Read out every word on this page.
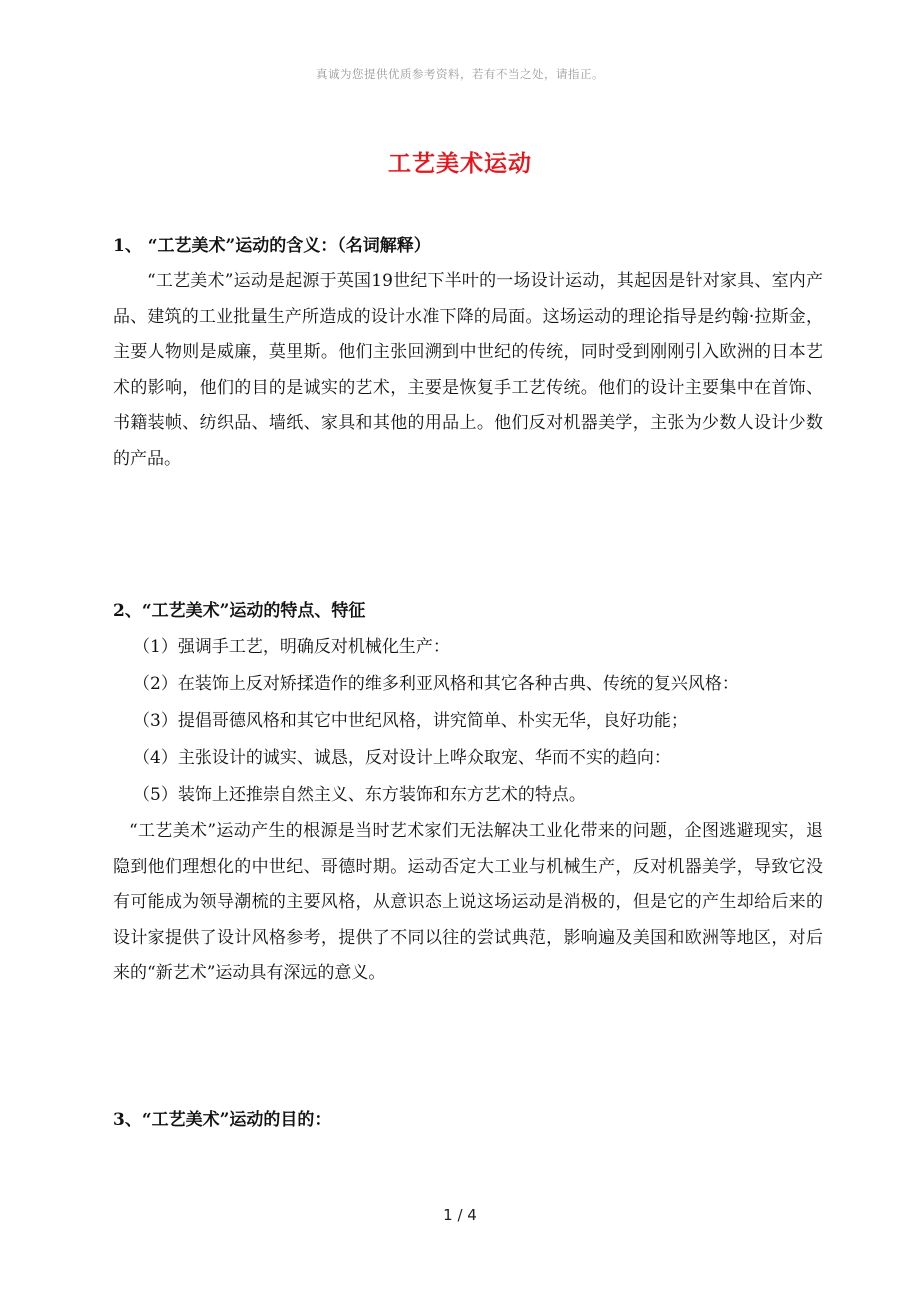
真诚为您提供优质参考资料，若有不当之处，请指正。
工艺美术运动
1、 “工艺美术”运动的含义：（名词解释）

“工艺美术”运动是起源于英国19世纪下半叶的一场设计运动，其起因是针对家具、室内产品、建筑的工业批量生产所造成的设计水准下降的局面。这场运动的理论指导是约翰·拉斯金，主要人物则是威廉，莫里斯。他们主张回溯到中世纪的传统，同时受到刚刚引入欧洲的日本艺术的影响，他们的目的是诚实的艺术，主要是恢复手工艺传统。他们的设计主要集中在首饰、书籍装帧、纺织品、墙纸、家具和其他的用品上。他们反对机器美学，主张为少数人设计少数的产品。

2、“工艺美术”运动的特点、特征
（1）强调手工艺，明确反对机械化生产：
（2）在装饰上反对矫揉造作的维多利亚风格和其它各种古典、传统的复兴风格：
（3）提倡哥德风格和其它中世纪风格，讲究简单、朴实无华，良好功能；
（4）主张设计的诚实、诚恳，反对设计上哗众取宠、华而不实的趋向：
（5）装饰上还推崇自然主义、东方装饰和东方艺术的特点。

“工艺美术”运动产生的根源是当时艺术家们无法解决工业化带来的问题，企图逃避现实，退隐到他们理想化的中世纪、哥德时期。运动否定大工业与机械生产，反对机器美学，导致它没有可能成为领导潮梳的主要风格，从意识态上说这场运动是消极的，但是它的产生却给后来的设计家提供了设计风格参考，提供了不同以往的尝试典范，影响遍及美国和欧洲等地区，对后来的“新艺术”运动具有深远的意义。

3、“工艺美术”运动的目的：
1 / 4
